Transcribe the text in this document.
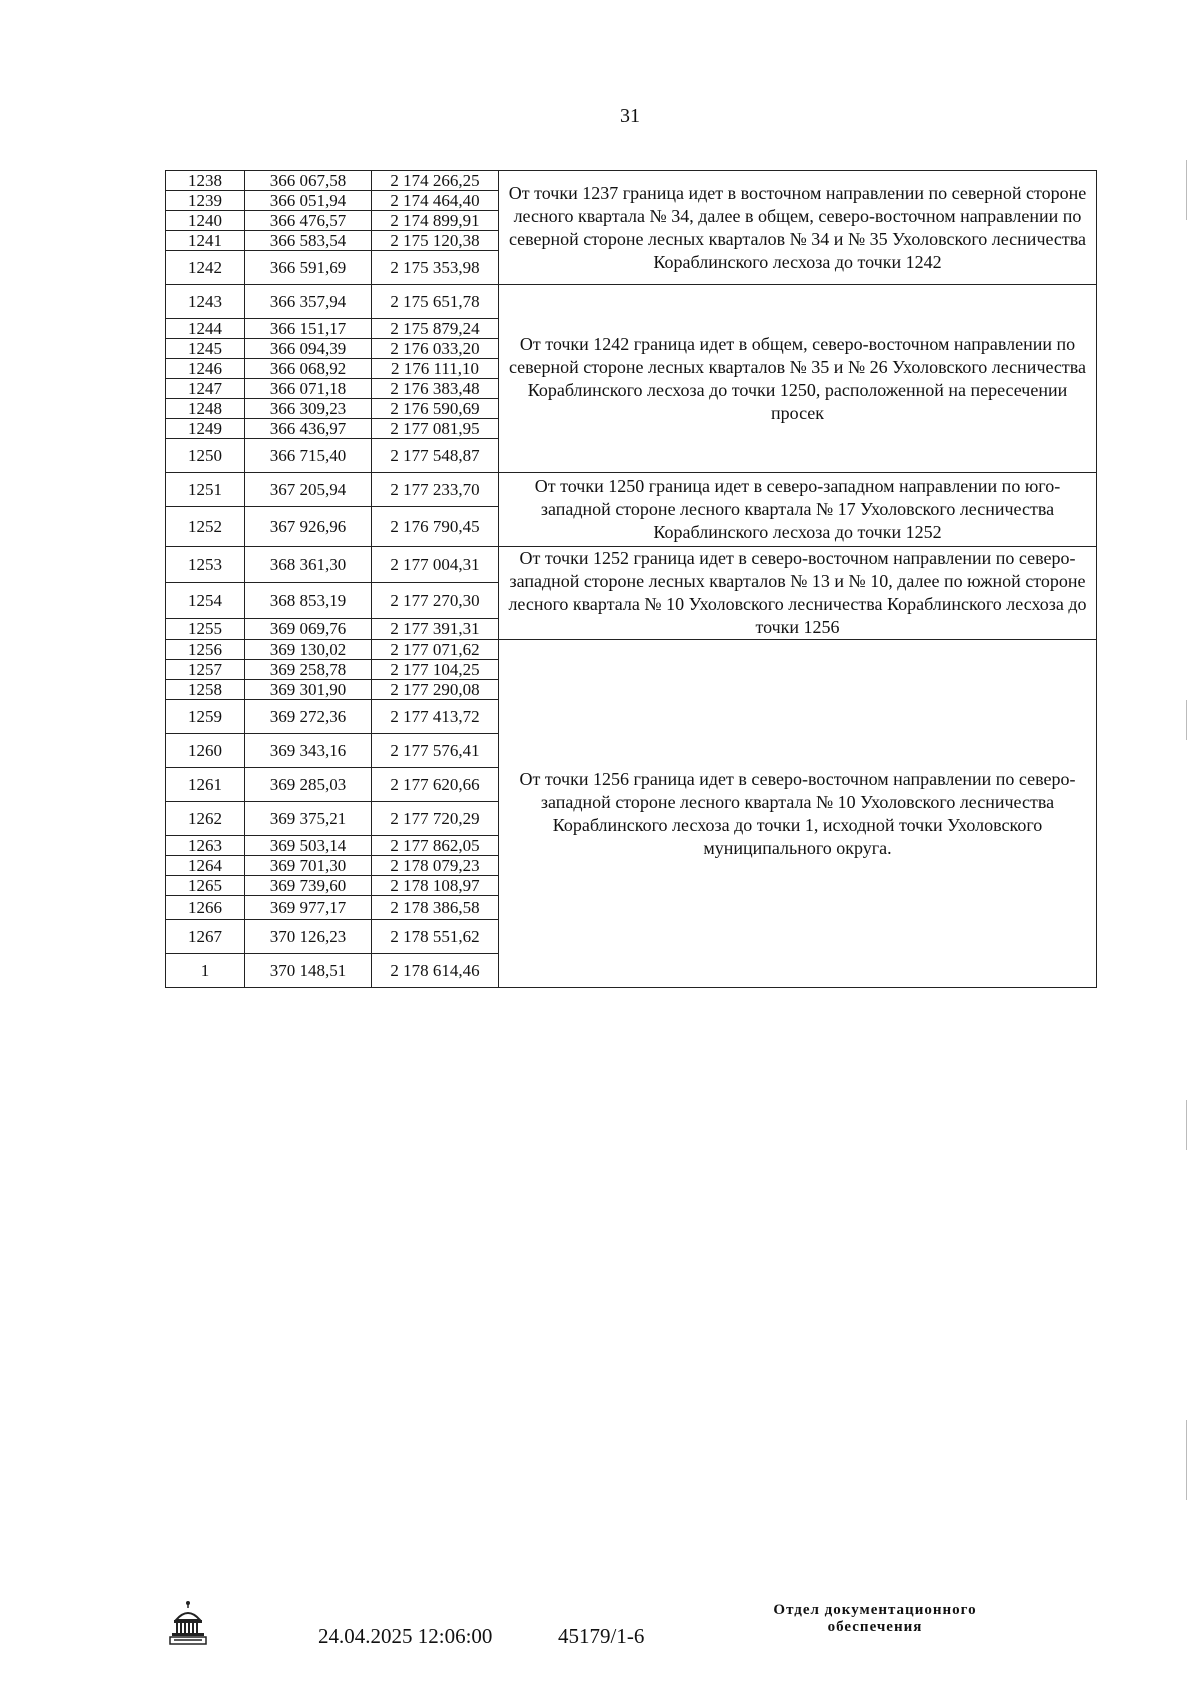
31
1238	366 067,58	2 174 266,25	От точки 1237 граница идет в восточном направлении по северной стороне лесного квартала № 34, далее в общем, северо-восточном направлении по северной стороне лесных кварталов № 34 и № 35 Ухоловского лесничества Кораблинского лесхоза до точки 1242
1239	366 051,94	2 174 464,40	
1240	366 476,57	2 174 899,91	
1241	366 583,54	2 175 120,38	
1242	366 591,69	2 175 353,98	
1243	366 357,94	2 175 651,78	От точки 1242 граница идет в общем, северо-восточном направлении по северной стороне лесных кварталов № 35 и № 26 Ухоловского лесничества Кораблинского лесхоза до точки 1250, расположенной на пересечении просек
1244	366 151,17	2 175 879,24	
1245	366 094,39	2 176 033,20	
1246	366 068,92	2 176 111,10	
1247	366 071,18	2 176 383,48	
1248	366 309,23	2 176 590,69	
1249	366 436,97	2 177 081,95	
1250	366 715,40	2 177 548,87	
1251	367 205,94	2 177 233,70	От точки 1250 граница идет в северо-западном направлении по юго-западной стороне лесного квартала № 17 Ухоловского лесничества Кораблинского лесхоза до точки 1252
1252	367 926,96	2 176 790,45	
1253	368 361,30	2 177 004,31	От точки 1252 граница идет в северо-восточном направлении по северо-западной стороне лесных кварталов № 13 и № 10, далее по южной стороне лесного квартала № 10 Ухоловского лесничества Кораблинского лесхоза до точки 1256
1254	368 853,19	2 177 270,30	
1255	369 069,76	2 177 391,31	
1256	369 130,02	2 177 071,62	От точки 1256 граница идет в северо-восточном направлении по северо-западной стороне лесного квартала № 10 Ухоловского лесничества Кораблинского лесхоза до точки 1, исходной точки Ухоловского муниципального округа.
1257	369 258,78	2 177 104,25	
1258	369 301,90	2 177 290,08	
1259	369 272,36	2 177 413,72	
1260	369 343,16	2 177 576,41	
1261	369 285,03	2 177 620,66	
1262	369 375,21	2 177 720,29	
1263	369 503,14	2 177 862,05	
1264	369 701,30	2 178 079,23	
1265	369 739,60	2 178 108,97	
1266	369 977,17	2 178 386,58	
1267	370 126,23	2 178 551,62	
1	370 148,51	2 178 614,46	
24.04.2025 12:06:00	45179/1-6
Отдел документационного
обеспечения
